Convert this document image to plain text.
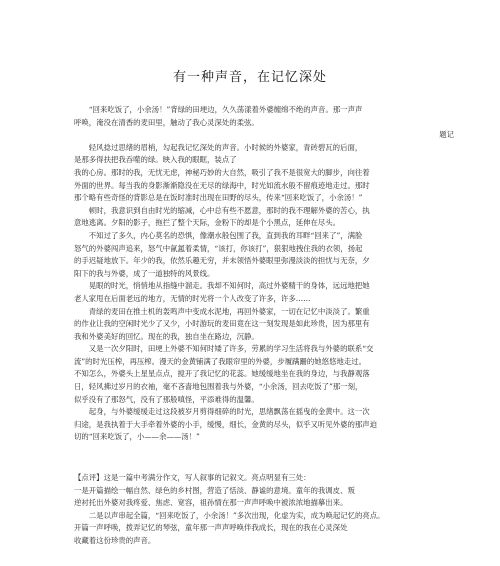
有一种声音，在记忆深处

　　“回来吃饭了，小余汤！”背绿的田埂边，久久荡漾着外婆缠绵不绝的声音。那一声声

呼唤，淹没在清香的麦田里，触动了我心灵深处的柔弦。

题记

　　轻风捻过思绪的眉梢，勾起我记忆深处的声音。小时候的外婆家，青砖碧瓦的后面，

是那多得扶把我吞噬的绿。映入我的眼眶，装点了

我的心房。那时的我，无忧无虑，神秘巧妙的大自然，吸引了我不是很宽大的脚步，向往着

外面的世界。每当我的身影渐渐隐没在无尽的绿海中，时光如流水般不留痕迹地走过。那时

那个略有些奇怪的背影总是在饭时准时出现在田野的尽头，传来“回来吃饭了，小余汤！”

　　顿时，我意识到自由时光的缩减，心中总有些不愿意，那时的我不理解外婆的苦心，执

意地逃离。夕阳的影子，拖拦了整个天际，金粉下的却是个小黑点，延伸在尽头。

　　不知过了多久，内心莫名的恐惧，像潮水般包围了我，直到我的耳畔“回来了”，满脸

怒气的外婆闯声追来，怒气中氤氲着柔情，“该打，你该打”，狠狠地拽住我的衣领，扬起

的手迟疑地放下。年少的我，依然乐趣无穷，并未领悟外婆眼里弥漫淡淡的担忧与无奈，夕

阳下的我与外婆，成了一道独特的风景线。

　　晃眼的时光，悄悄地从指缝中溜走。我却不知何时，高过外婆精干的身体，远远地把她

老人家甩在后面老远的地方，无情的时光将一个人改变了许多，许多……

　　青绿的麦田在推土机的轰鸣声中变成水泥地，再回外婆家，一切在记忆中淡淡了。繁重

的作业让我的空闲时光少了又少，小时游玩的麦田竟在这一刻发现是如此珍贵，因为那里有

我和外婆美好的回忆。现在的我，独自坐在路边，沉静。

　　又是一次夕阳时，田埂上外婆不知何时矮了许多，劳累的学习生活将我与外婆的联系“交

流”的时光压榨，再压榨。漫天的金黄铺满了我眼帘里的外婆，步履蹒跚的她悠悠地走过。

不知怎么，外婆头上星星点点，搅开了我记忆的花蕊。她缓缓地坐在我的身边，与我静观落

日，轻风拂过岁月的衣袖，毫不吝啬地包围着我与外婆，“小余汤，回去吃饭了”那一刻，

似乎没有了那怒气，没有了那般嗔怪，平添难得的温馨。

　　起身，与外婆缓缓走过这段被岁月剪得细碎的时光，思绪飘荡在摇曳的金黄中。这一次

归途，是我执着于大手牵着外婆的小手，缓慢，细长，金黄的尽头，似乎又听见外婆的那声迫

切的“回来吃饭了，小——余——汤！”

【点评】这是一篇中考满分作文，写人叙事的记叙文。亮点明显有三处：

一是开篇描绘一幅自然、绿色的乡村图，营造了恬淡、静谧的意境。童年的我调皮、叛

逆衬托出外婆对我疼爱、焦虑、宽容，祖孙情在那一声声呼唤中被浓浓地描摹出来。

　　二是以声串起全篇，“回来吃饭了，小余汤！”多次出现，化虚为实，成为唤起记忆的亮点。

开篇一声呼唤，拨弄记忆的琴弦，童年那一声声呼唤伴我成长，现在的我在心灵深处

收藏着这份珍贵的声音。
